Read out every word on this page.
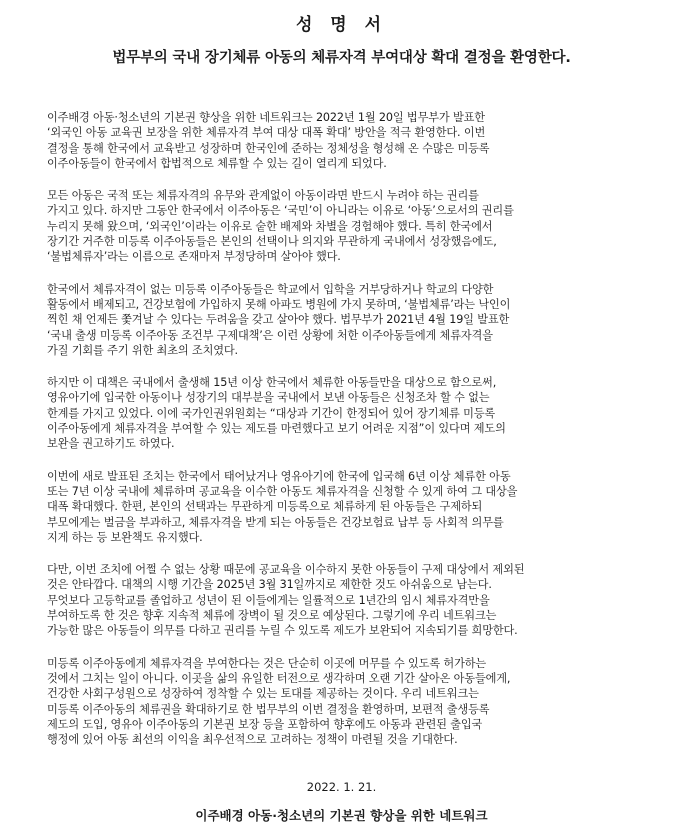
성 명 서
법무부의 국내 장기체류 아동의 체류자격 부여대상 확대 결정을 환영한다.

이주배경 아동·청소년의 기본권 향상을 위한 네트워크는 2022년 1월 20일 법무부가 발표한
‘외국인 아동 교육권 보장을 위한 체류자격 부여 대상 대폭 확대’ 방안을 적극 환영한다. 이번
결정을 통해 한국에서 교육받고 성장하며 한국인에 준하는 정체성을 형성해 온 수많은 미등록
이주아동들이 한국에서 합법적으로 체류할 수 있는 길이 열리게 되었다.

모든 아동은 국적 또는 체류자격의 유무와 관계없이 아동이라면 반드시 누려야 하는 권리를
가지고 있다. 하지만 그동안 한국에서 이주아동은 ‘국민’이 아니라는 이유로 ‘아동’으로서의 권리를
누리지 못해 왔으며, ‘외국인’이라는 이유로 숱한 배제와 차별을 경험해야 했다. 특히 한국에서
장기간 거주한 미등록 이주아동들은 본인의 선택이나 의지와 무관하게 국내에서 성장했음에도,
‘불법체류자’라는 이름으로 존재마저 부정당하며 살아야 했다.

한국에서 체류자격이 없는 미등록 이주아동들은 학교에서 입학을 거부당하거나 학교의 다양한
활동에서 배제되고, 건강보험에 가입하지 못해 아파도 병원에 가지 못하며, ‘불법체류’라는 낙인이
찍힌 채 언제든 쫓겨날 수 있다는 두려움을 갖고 살아야 했다. 법무부가 2021년 4월 19일 발표한
‘국내 출생 미등록 이주아동 조건부 구제대책’은 이런 상황에 처한 이주아동들에게 체류자격을
가질 기회를 주기 위한 최초의 조치였다.

하지만 이 대책은 국내에서 출생해 15년 이상 한국에서 체류한 아동들만을 대상으로 함으로써,
영유아기에 입국한 아동이나 성장기의 대부분을 국내에서 보낸 아동들은 신청조차 할 수 없는
한계를 가지고 있었다. 이에 국가인권위원회는 “대상과 기간이 한정되어 있어 장기체류 미등록
이주아동에게 체류자격을 부여할 수 있는 제도를 마련했다고 보기 어려운 지점”이 있다며 제도의
보완을 권고하기도 하였다.

이번에 새로 발표된 조치는 한국에서 태어났거나 영유아기에 한국에 입국해 6년 이상 체류한 아동
또는 7년 이상 국내에 체류하며 공교육을 이수한 아동도 체류자격을 신청할 수 있게 하여 그 대상을
대폭 확대했다. 한편, 본인의 선택과는 무관하게 미등록으로 체류하게 된 아동들은 구제하되
부모에게는 벌금을 부과하고, 체류자격을 받게 되는 아동들은 건강보험료 납부 등 사회적 의무를
지게 하는 등 보완책도 유지했다.

다만, 이번 조치에 어쩔 수 없는 상황 때문에 공교육을 이수하지 못한 아동들이 구제 대상에서 제외된
것은 안타깝다. 대책의 시행 기간을 2025년 3월 31일까지로 제한한 것도 아쉬움으로 남는다.
무엇보다 고등학교를 졸업하고 성년이 된 이들에게는 일률적으로 1년간의 임시 체류자격만을
부여하도록 한 것은 향후 지속적 체류에 장벽이 될 것으로 예상된다. 그렇기에 우리 네트워크는
가능한 많은 아동들이 의무를 다하고 권리를 누릴 수 있도록 제도가 보완되어 지속되기를 희망한다.

미등록 이주아동에게 체류자격을 부여한다는 것은 단순히 이곳에 머무를 수 있도록 허가하는
것에서 그치는 일이 아니다. 이곳을 삶의 유일한 터전으로 생각하며 오랜 기간 살아온 아동들에게,
건강한 사회구성원으로 성장하여 정착할 수 있는 토대를 제공하는 것이다. 우리 네트워크는
미등록 이주아동의 체류권을 확대하기로 한 법무부의 이번 결정을 환영하며, 보편적 출생등록
제도의 도입, 영유아 이주아동의 기본권 보장 등을 포함하여 향후에도 아동과 관련된 출입국
행정에 있어 아동 최선의 이익을 최우선적으로 고려하는 정책이 마련될 것을 기대한다.

2022. 1. 21.
이주배경 아동·청소년의 기본권 향상을 위한 네트워크
